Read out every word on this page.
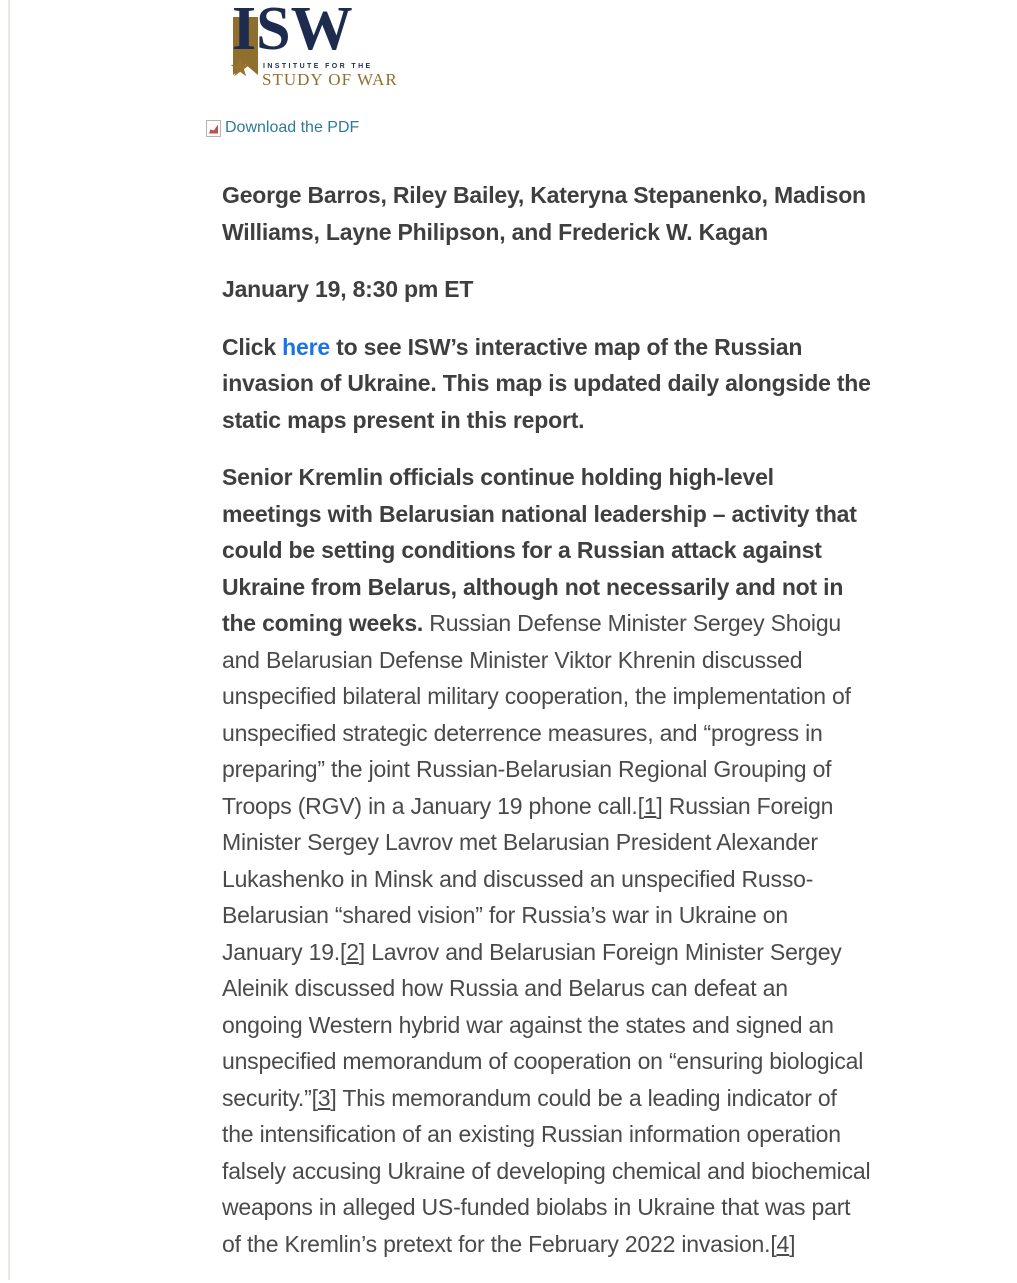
ISW
★ INSTITUTE FOR THE
STUDY OF WAR
Download the PDF

George Barros, Riley Bailey, Kateryna Stepanenko, Madison Williams, Layne Philipson, and Frederick W. Kagan

January 19, 8:30 pm ET

Click here to see ISW’s interactive map of the Russian invasion of Ukraine. This map is updated daily alongside the static maps present in this report.

Senior Kremlin officials continue holding high-level meetings with Belarusian national leadership – activity that could be setting conditions for a Russian attack against Ukraine from Belarus, although not necessarily and not in the coming weeks. Russian Defense Minister Sergey Shoigu and Belarusian Defense Minister Viktor Khrenin discussed unspecified bilateral military cooperation, the implementation of unspecified strategic deterrence measures, and “progress in preparing” the joint Russian-Belarusian Regional Grouping of Troops (RGV) in a January 19 phone call.[1] Russian Foreign Minister Sergey Lavrov met Belarusian President Alexander Lukashenko in Minsk and discussed an unspecified Russo-Belarusian “shared vision” for Russia’s war in Ukraine on January 19.[2] Lavrov and Belarusian Foreign Minister Sergey Aleinik discussed how Russia and Belarus can defeat an ongoing Western hybrid war against the states and signed an unspecified memorandum of cooperation on “ensuring biological security.”[3] This memorandum could be a leading indicator of the intensification of an existing Russian information operation falsely accusing Ukraine of developing chemical and biochemical weapons in alleged US-funded biolabs in Ukraine that was part of the Kremlin’s pretext for the February 2022 invasion.[4]
